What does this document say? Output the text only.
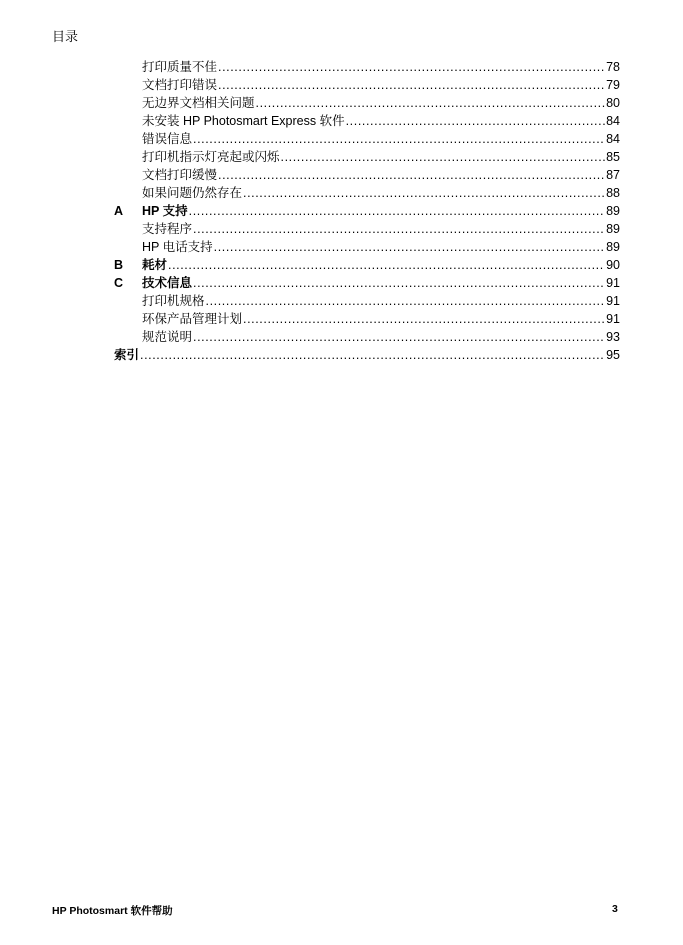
目录
打印质量不佳 .....	78
文档打印错误 .....	79
无边界文档相关问题 .....	80
未安装 HP Photosmart Express 软件 .....	84
错误信息 .....	84
打印机指示灯亮起或闪烁 .....	85
文档打印缓慢 .....	87
如果问题仍然存在 .....	88
A	HP 支持 .....	89
支持程序 .....	89
HP 电话支持 .....	89
B	耗材 .....	90
C	技术信息 .....	91
打印机规格 .....	91
环保产品管理计划 .....	91
规范说明 .....	93
索引 .....	95
HP Photosmart 软件帮助	3
